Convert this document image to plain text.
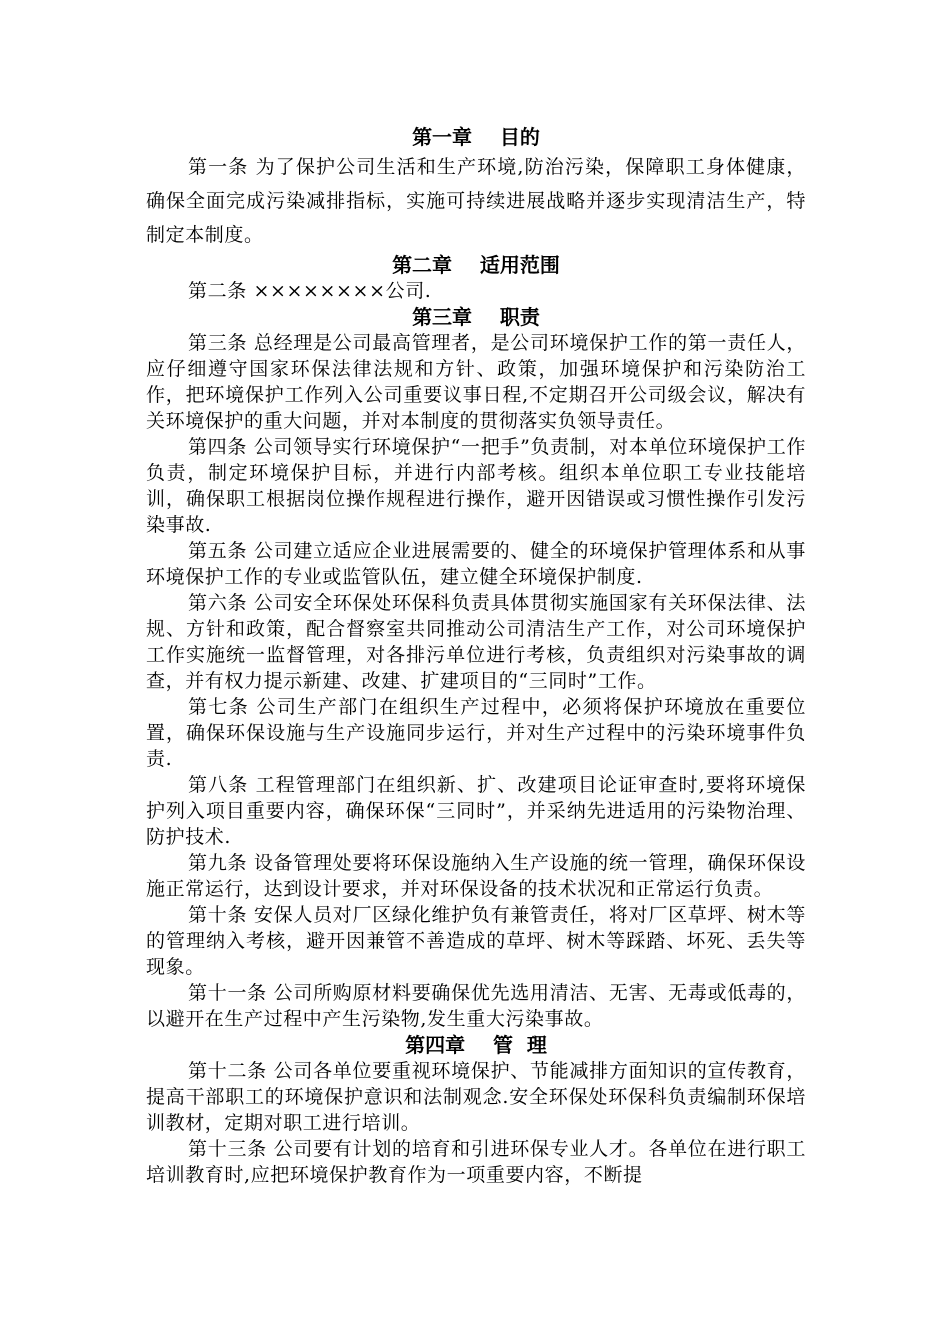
第一章    目的

第一条 为了保护公司生活和生产环境,防治污染，保障职工身体健康，确保全面完成污染减排指标，实施可持续进展战略并逐步实现清洁生产，特制定本制度。

第二章    适用范围

第二条 ××××××××公司.

第三章    职责

第三条 总经理是公司最高管理者，是公司环境保护工作的第一责任人，应仔细遵守国家环保法律法规和方针、政策，加强环境保护和污染防治工作，把环境保护工作列入公司重要议事日程,不定期召开公司级会议，解决有关环境保护的重大问题，并对本制度的贯彻落实负领导责任。

第四条 公司领导实行环境保护“一把手”负责制，对本单位环境保护工作负责，制定环境保护目标，并进行内部考核。组织本单位职工专业技能培训，确保职工根据岗位操作规程进行操作，避开因错误或习惯性操作引发污染事故.

第五条 公司建立适应企业进展需要的、健全的环境保护管理体系和从事环境保护工作的专业或监管队伍，建立健全环境保护制度.

第六条 公司安全环保处环保科负责具体贯彻实施国家有关环保法律、法规、方针和政策，配合督察室共同推动公司清洁生产工作，对公司环境保护工作实施统一监督管理，对各排污单位进行考核，负责组织对污染事故的调查，并有权力提示新建、改建、扩建项目的“三同时”工作。

第七条 公司生产部门在组织生产过程中，必须将保护环境放在重要位置，确保环保设施与生产设施同步运行，并对生产过程中的污染环境事件负责.

第八条 工程管理部门在组织新、扩、改建项目论证审查时,要将环境保护列入项目重要内容，确保环保“三同时”，并采纳先进适用的污染物治理、防护技术.

第九条 设备管理处要将环保设施纳入生产设施的统一管理，确保环保设施正常运行，达到设计要求，并对环保设备的技术状况和正常运行负责。

第十条 安保人员对厂区绿化维护负有兼管责任，将对厂区草坪、树木等的管理纳入考核，避开因兼管不善造成的草坪、树木等踩踏、坏死、丢失等现象。

第十一条 公司所购原材料要确保优先选用清洁、无害、无毒或低毒的，以避开在生产过程中产生污染物,发生重大污染事故。

第四章    管  理

第十二条 公司各单位要重视环境保护、节能减排方面知识的宣传教育，提高干部职工的环境保护意识和法制观念.安全环保处环保科负责编制环保培训教材，定期对职工进行培训。

第十三条 公司要有计划的培育和引进环保专业人才。各单位在进行职工培训教育时,应把环境保护教育作为一项重要内容，不断提
